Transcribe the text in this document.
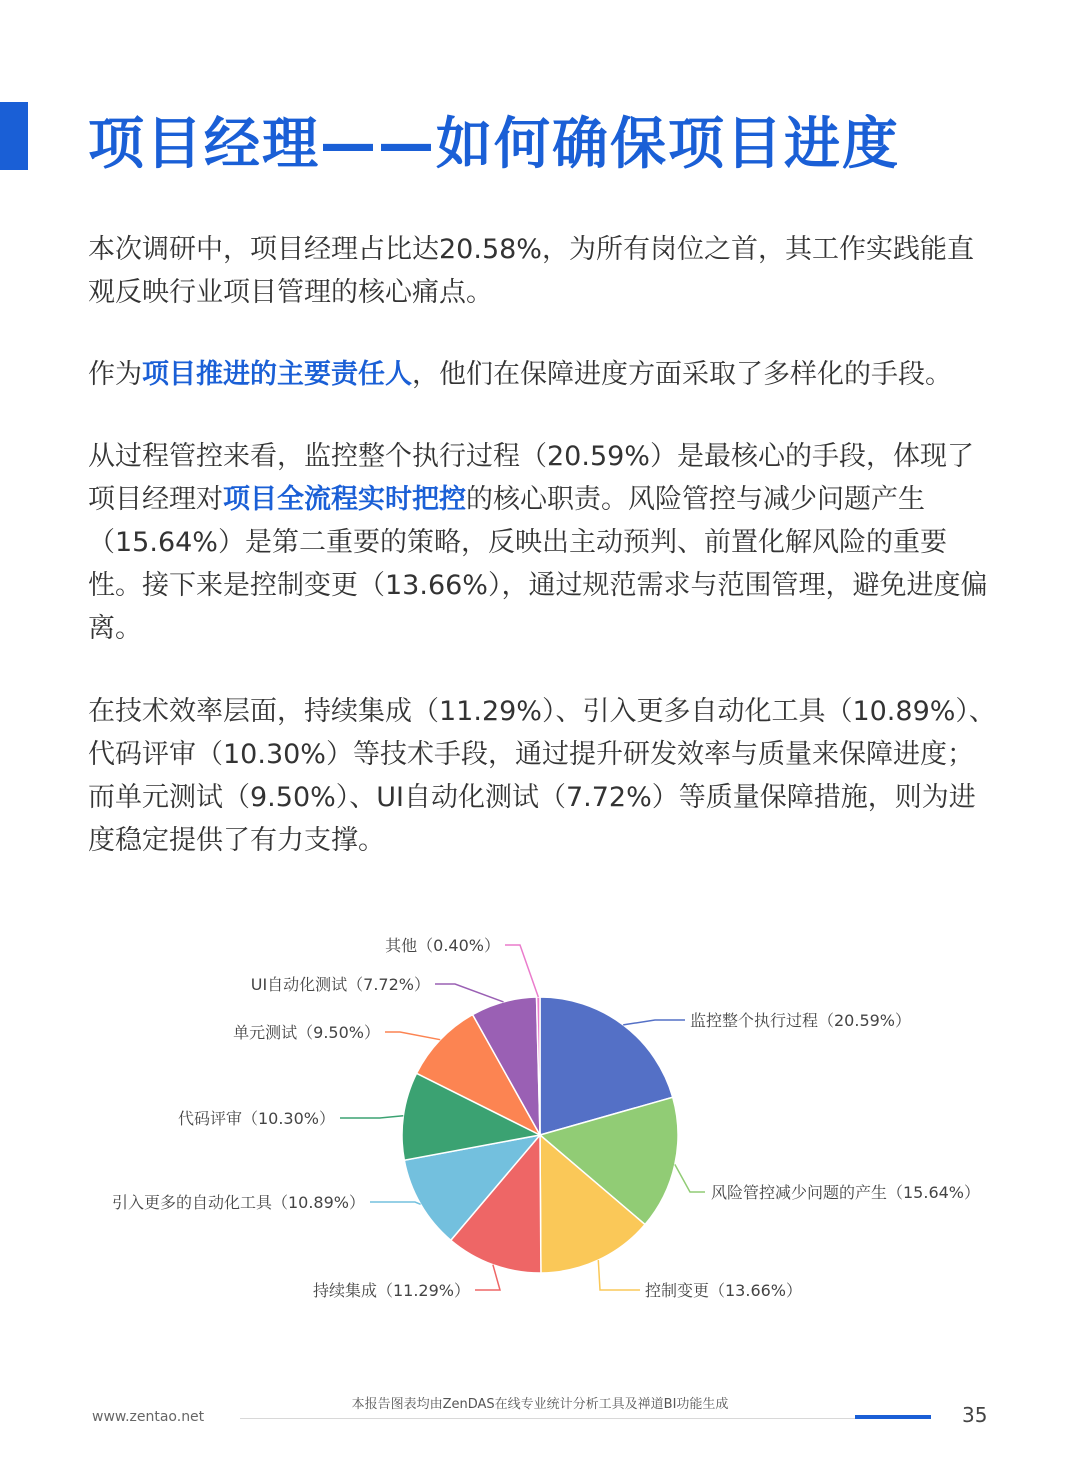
项目经理——如何确保项目进度

本次调研中，项目经理占比达20.58%，为所有岗位之首，其工作实践能直观反映行业项目管理的核心痛点。

作为项目推进的主要责任人，他们在保障进度方面采取了多样化的手段。

从过程管控来看，监控整个执行过程（20.59%）是最核心的手段，体现了项目经理对项目全流程实时把控的核心职责。风险管控与减少问题产生（15.64%）是第二重要的策略，反映出主动预判、前置化解风险的重要性。接下来是控制变更（13.66%），通过规范需求与范围管理，避免进度偏离。

在技术效率层面，持续集成（11.29%）、引入更多自动化工具（10.89%）、代码评审（10.30%）等技术手段，通过提升研发效率与质量来保障进度；而单元测试（9.50%）、UI自动化测试（7.72%）等质量保障措施，则为进度稳定提供了有力支撑。

监控整个执行过程（20.59%）
风险管控减少问题的产生（15.64%）
控制变更（13.66%）
持续集成（11.29%）
引入更多的自动化工具（10.89%）
代码评审（10.30%）
单元测试（9.50%）
UI自动化测试（7.72%）
其他（0.40%）
本报告图表均由ZenDAS在线专业统计分析工具及禅道BI功能生成
www.zentao.net	35
